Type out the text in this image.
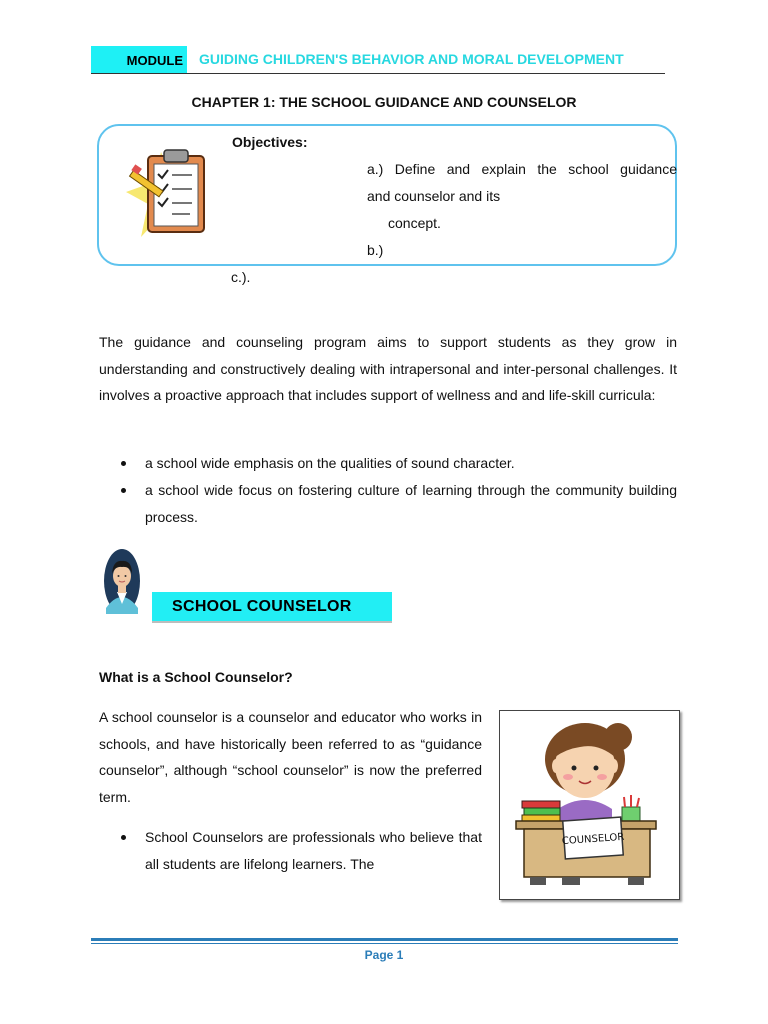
MODULE GUIDING CHILDREN'S BEHAVIOR AND MORAL DEVELOPMENT
CHAPTER 1: THE SCHOOL GUIDANCE AND COUNSELOR
Objectives:
a.) Define and explain the school guidance
and counselor and its
concept.
b.)
c.).
The guidance and counseling program aims to support students as they grow in understanding and constructively dealing with intrapersonal and inter-personal challenges. It involves a proactive approach that includes support of wellness and and life-skill curricula:
a school wide emphasis on the qualities of sound character.
a school wide focus on fostering culture of learning through the community building process.
SCHOOL COUNSELOR
What is a School Counselor?
A school counselor is a counselor and educator who works in schools, and have historically been referred to as “guidance counselor”, although “school counselor” is now the preferred term.
School Counselors are professionals who believe that all students are lifelong learners. The
COUNSELOR
Page 1
